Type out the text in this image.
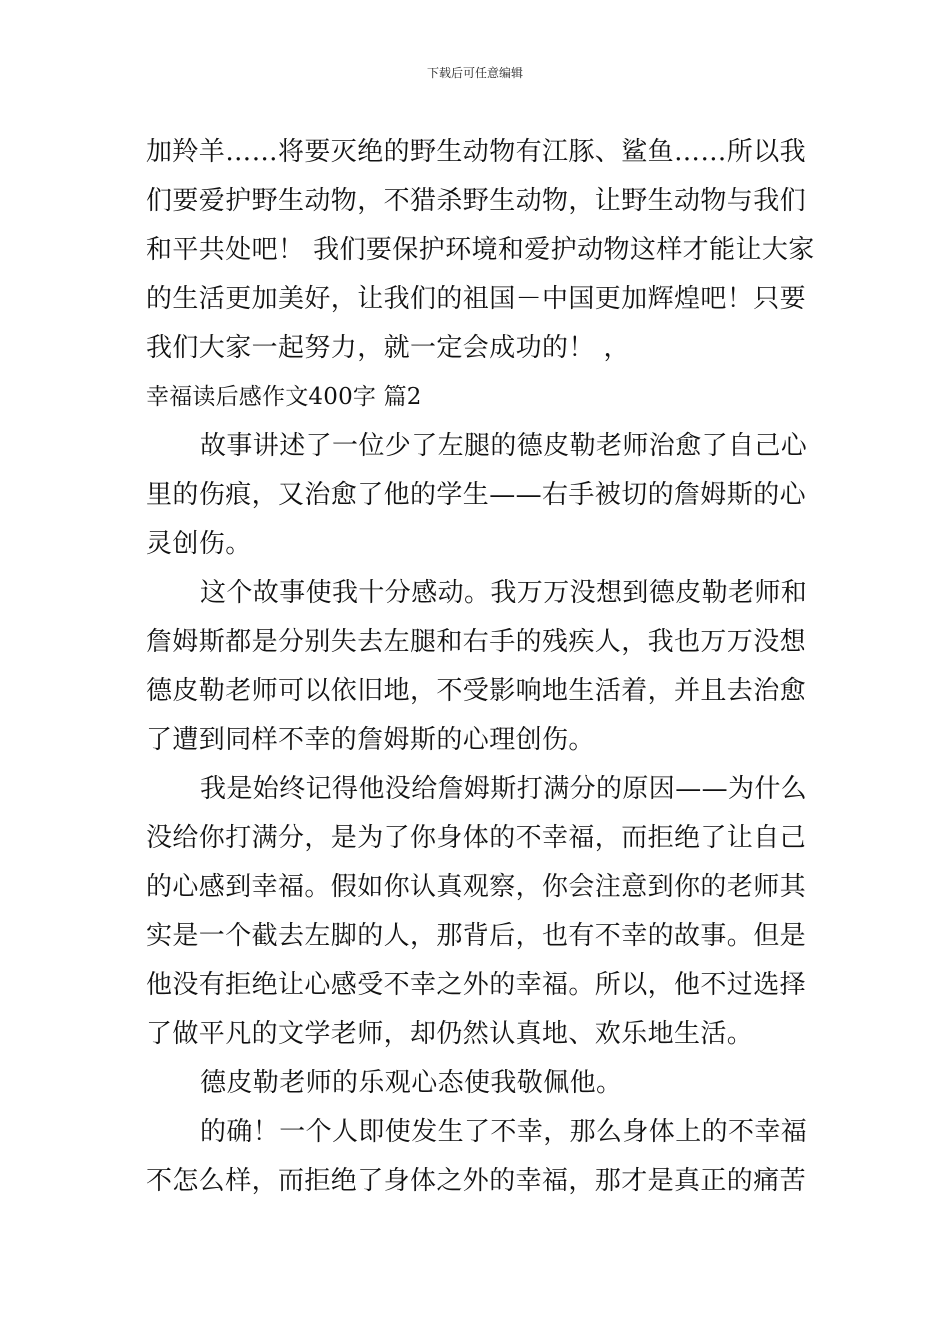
下载后可任意编辑
加羚羊……将要灭绝的野生动物有江豚、鲨鱼……所以我
们要爱护野生动物，不猎杀野生动物，让野生动物与我们
和平共处吧！ 我们要保护环境和爱护动物这样才能让大家
的生活更加美好，让我们的祖国－中国更加辉煌吧！只要
我们大家一起努力，就一定会成功的！ ，
幸福读后感作文400字 篇2
故事讲述了一位少了左腿的德皮勒老师治愈了自己心
里的伤痕，又治愈了他的学生——右手被切的詹姆斯的心
灵创伤。
这个故事使我十分感动。我万万没想到德皮勒老师和
詹姆斯都是分别失去左腿和右手的残疾人，我也万万没想
德皮勒老师可以依旧地，不受影响地生活着，并且去治愈
了遭到同样不幸的詹姆斯的心理创伤。
我是始终记得他没给詹姆斯打满分的原因——为什么
没给你打满分，是为了你身体的不幸福，而拒绝了让自己
的心感到幸福。假如你认真观察，你会注意到你的老师其
实是一个截去左脚的人，那背后，也有不幸的故事。但是
他没有拒绝让心感受不幸之外的幸福。所以，他不过选择
了做平凡的文学老师，却仍然认真地、欢乐地生活。
德皮勒老师的乐观心态使我敬佩他。
的确！一个人即使发生了不幸，那么身体上的不幸福
不怎么样，而拒绝了身体之外的幸福，那才是真正的痛苦
